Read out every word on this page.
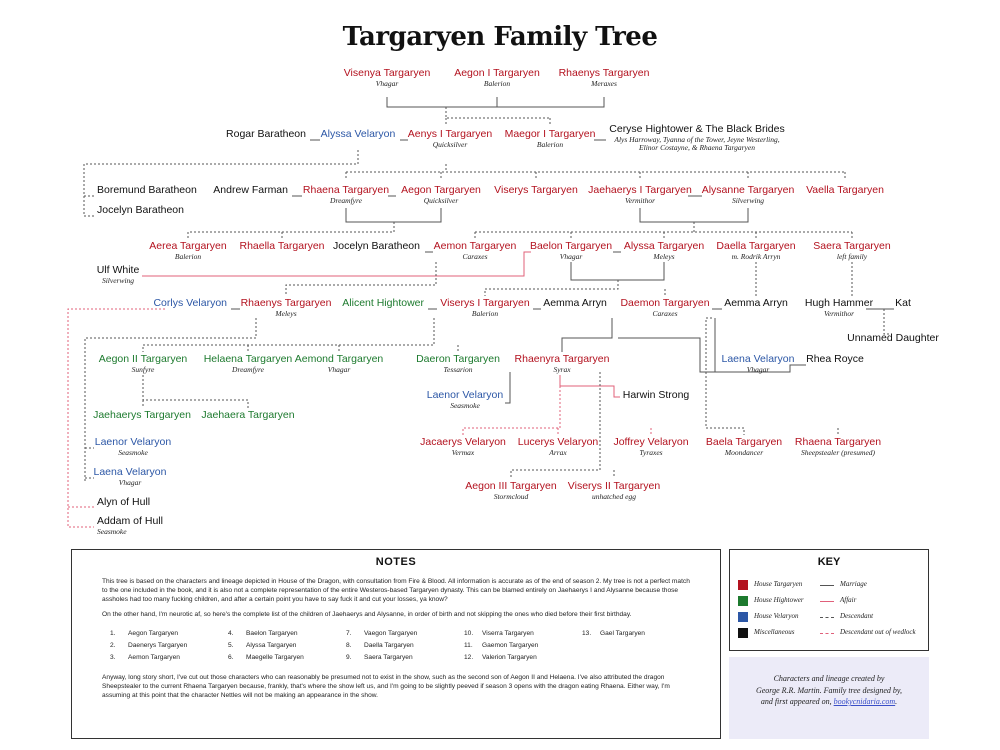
Targaryen Family Tree
Visenya Targaryen
Vhagar
Aegon I Targaryen
Balerion
Rhaenys Targaryen
Meraxes
Rogar Baratheon Alyssa Velaryon Aenys I Targaryen
Quicksilver
Maegor I Targaryen
Balerion
Ceryse Hightower & The Black Brides
Alys Harroway, Tyanna of the Tower, Jeyne Westerling,
Elinor Costayne, & Rhaena Targaryen
Boremund Baratheon
Jocelyn Baratheon
Andrew Farman Rhaena Targaryen
Dreamfyre
Aegon Targaryen
Quicksilver
Viserys Targaryen Jaehaerys I Targaryen
Vermithor
Alysanne Targaryen
Silverwing
Vaella Targaryen
Aerea Targaryen
Balerion
Rhaella Targaryen Jocelyn Baratheon Aemon Targaryen
Caraxes
Baelon Targaryen
Vhagar
Alyssa Targaryen
Meleys
Daella Targaryen
m. Rodrik Arryn
Saera Targaryen
left family
Ulf White
Silverwing
Corlys Velaryon Rhaenys Targaryen
Meleys
Alicent Hightower Viserys I Targaryen
Balerion
Aemma Arryn Daemon Targaryen
Caraxes
Aemma Arryn Hugh Hammer
Vermithor
Kat
Unnamed Daughter
Aegon II Targaryen
Sunfyre
Helaena Targaryen
Dreamfyre
Aemond Targaryen
Vhagar
Daeron Targaryen
Tessarion
Rhaenyra Targaryen
Syrax
Laena Velaryon
Vhagar
Rhea Royce
Laenor Velaryon
Seasmoke
Harwin Strong
Jaehaerys Targaryen Jaehaera Targaryen
Laenor Velaryon
Seasmoke
Laena Velaryon
Vhagar
Jacaerys Velaryon
Vermax
Lucerys Velaryon
Arrax
Joffrey Velaryon
Tyraxes
Baela Targaryen
Moondancer
Rhaena Targaryen
Sheepstealer (presumed)
Aegon III Targaryen
Stormcloud
Viserys II Targaryen
unhatched egg
Alyn of Hull
Addam of Hull
Seasmoke
NOTES
This tree is based on the characters and lineage depicted in House of the Dragon, with consultation from Fire & Blood. All information is accurate as of the end of season 2. My tree is not a perfect match to the one included in the book, and it is also not a complete representation of the entire Westeros-based Targaryen dynasty. This can be blamed entirely on Jaehaerys I and Alysanne because those assholes had too many fucking children, and after a certain point you have to say fuck it and cut your losses, ya know?
On the other hand, I'm neurotic af, so here's the complete list of the children of Jaehaerys and Alysanne, in order of birth and not skipping the ones who died before their first birthday.
1. Aegon Targaryen
2. Daenerys Targaryen
3. Aemon Targaryen
4. Baelon Targaryen
5. Alyssa Targaryen
6. Maegelle Targaryen
7. Vaegon Targaryen
8. Daella Targaryen
9. Saera Targaryen
10. Viserra Targaryen
11. Gaemon Targaryen
12. Valerion Targaryen
13. Gael Targaryen
Anyway, long story short, I've cut out those characters who can reasonably be presumed not to exist in the show, such as the second son of Aegon II and Helaena. I've also attributed the dragon Sheepstealer to the current Rhaena Targaryen because, frankly, that's where the show left us, and I'm going to be slightly peeved if season 3 opens with the dragon eating Rhaena. Either way, I'm assuming at this point that the character Nettles will not be making an appearance in the show.
KEY
House Targaryen
House Hightower
House Velaryon
Miscellaneous
Marriage
Affair
Descendant
Descendant out of wedlock
Characters and lineage created by
George R.R. Martin. Family tree designed by,
and first appeared on, bookycnidaria.com.
